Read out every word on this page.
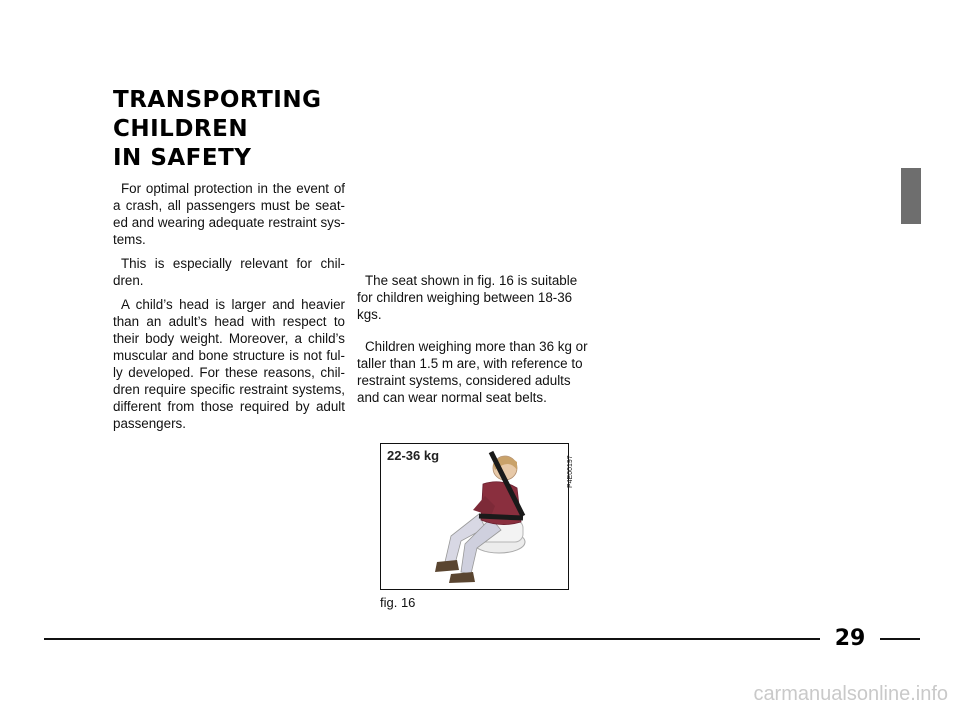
TRANSPORTING
CHILDREN
IN SAFETY

For optimal protection in the event of a crash, all passengers must be seat-ed and wearing adequate restraint sys-tems.

This is especially relevant for chil-dren.

A child’s head is larger and heavier than an adult’s head with respect to their body weight. Moreover, a child’s muscular and bone structure is not ful-ly developed. For these reasons, chil-dren require specific restraint systems, different from those required by adult passengers.

The seat shown in fig. 16 is suitable for children weighing between 18-36 kgs.

Children weighing more than 36 kg or taller than 1.5 m are, with reference to restraint systems, considered adults and can wear normal seat belts.

22-36 kg	P4E00197
fig. 16
29
carmanualsonline.info
